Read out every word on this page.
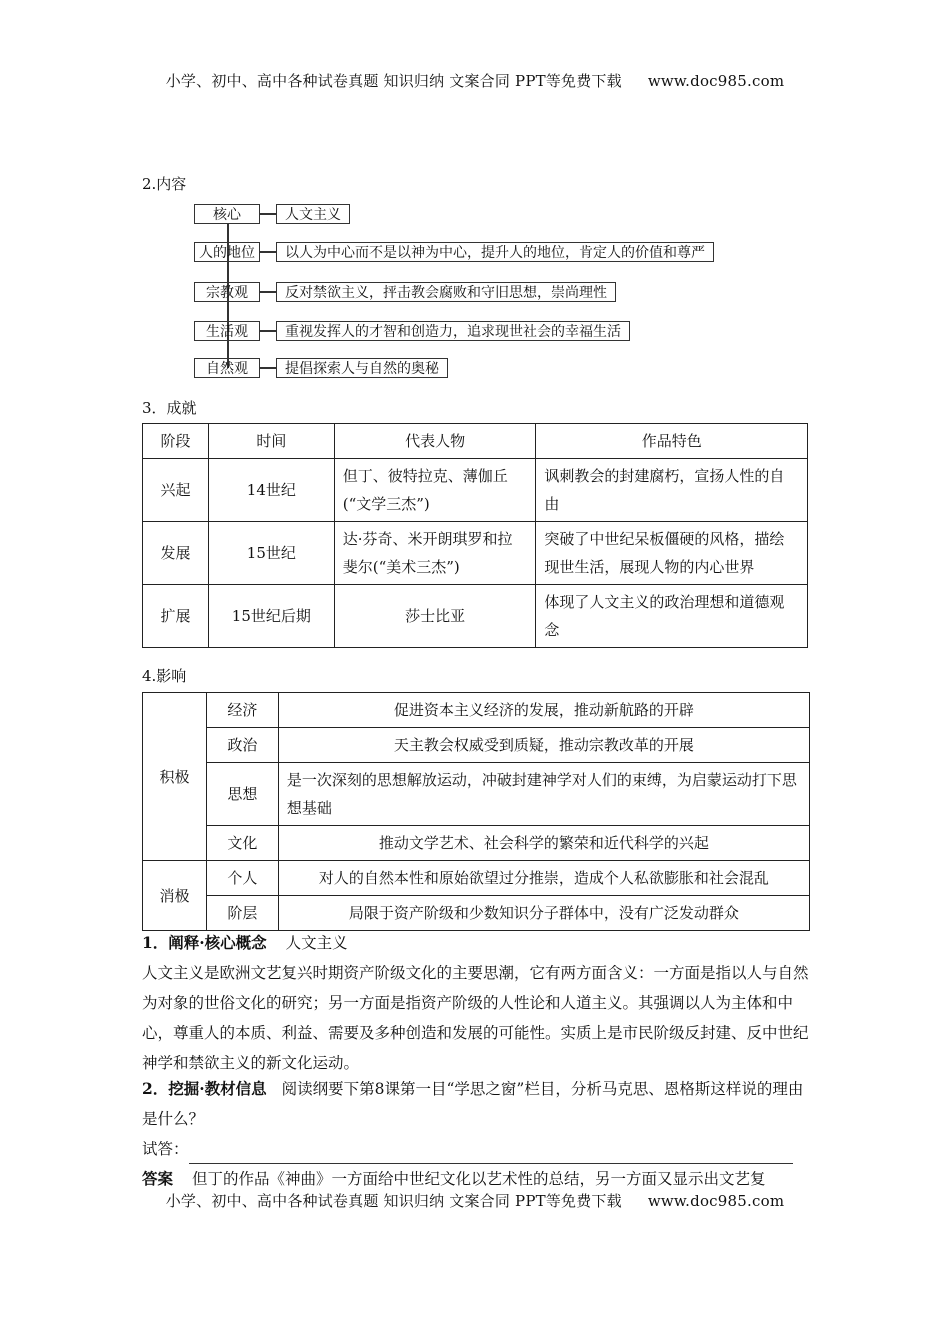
小学、初中、高中各种试卷真题 知识归纳 文案合同 PPT等免费下载 www.doc985.com
2.内容
核心	人文主义
人的地位	以人为中心而不是以神为中心，提升人的地位，肯定人的价值和尊严
宗教观	反对禁欲主义，抨击教会腐败和守旧思想，崇尚理性
生活观	重视发挥人的才智和创造力，追求现世社会的幸福生活
自然观	提倡探索人与自然的奥秘
3．成就
阶段	时间	代表人物	作品特色
兴起	14世纪	但丁、彼特拉克、薄伽丘(“文学三杰”)	讽刺教会的封建腐朽，宣扬人性的自由
发展	15世纪	达·芬奇、米开朗琪罗和拉斐尔(“美术三杰”)	突破了中世纪呆板僵硬的风格，描绘现世生活，展现人物的内心世界
扩展	15世纪后期	莎士比亚	体现了人文主义的政治理想和道德观念
4.影响
积极	经济	促进资本主义经济的发展，推动新航路的开辟
	政治	天主教会权威受到质疑，推动宗教改革的开展
	思想	是一次深刻的思想解放运动，冲破封建神学对人们的束缚，为启蒙运动打下思想基础
	文化	推动文学艺术、社会科学的繁荣和近代科学的兴起
消极	个人	对人的自然本性和原始欲望过分推崇，造成个人私欲膨胀和社会混乱
	阶层	局限于资产阶级和少数知识分子群体中，没有广泛发动群众
1．阐释·核心概念 人文主义
人文主义是欧洲文艺复兴时期资产阶级文化的主要思潮，它有两方面含义：一方面是指以人与自然为对象的世俗文化的研究；另一方面是指资产阶级的人性论和人道主义。其强调以人为主体和中心，尊重人的本质、利益、需要及多种创造和发展的可能性。实质上是市民阶级反封建、反中世纪神学和禁欲主义的新文化运动。
2．挖掘·教材信息 阅读纲要下第8课第一目“学思之窗”栏目，分析马克思、恩格斯这样说的理由是什么？
试答：
答案 但丁的作品《神曲》一方面给中世纪文化以艺术性的总结，另一方面又显示出文艺复
小学、初中、高中各种试卷真题 知识归纳 文案合同 PPT等免费下载 www.doc985.com
